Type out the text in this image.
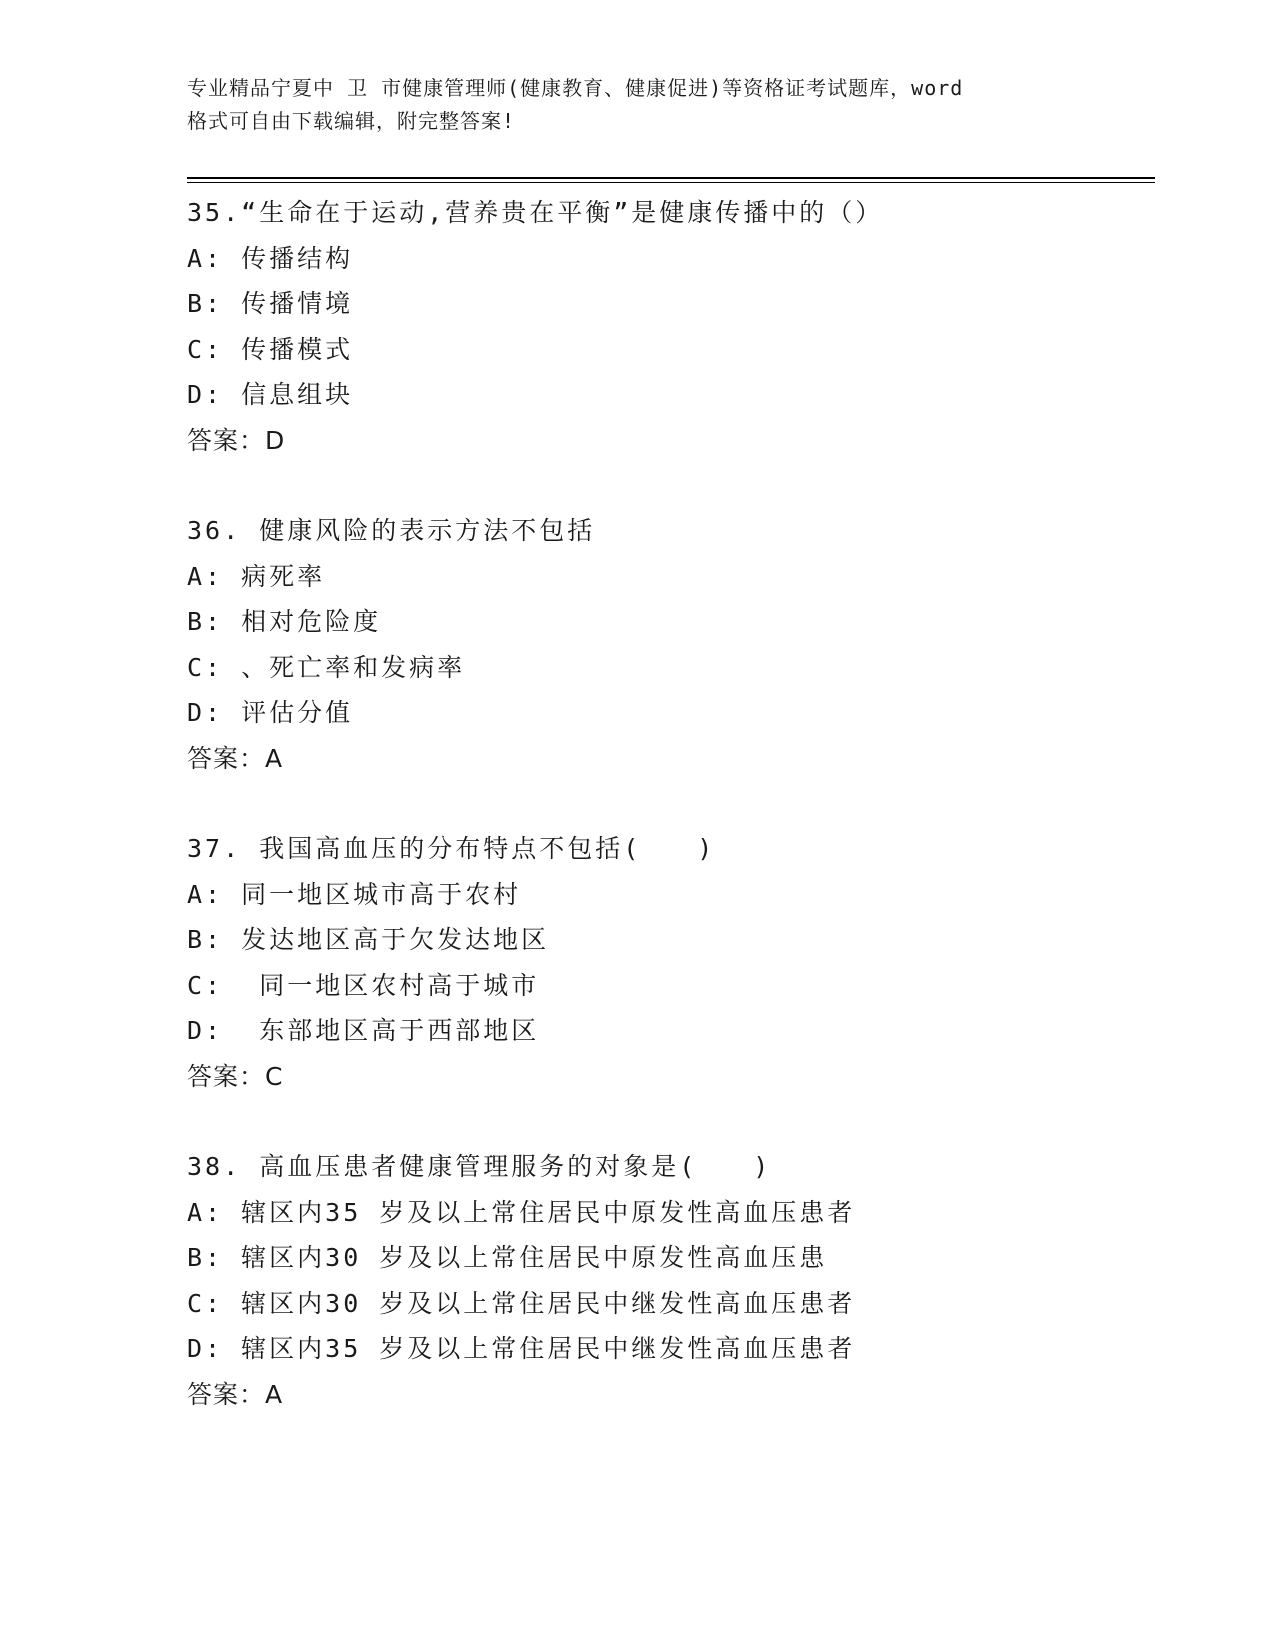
专业精品宁夏中 卫 市健康管理师(健康教育、健康促进)等资格证考试题库，word
格式可自由下载编辑，附完整答案!
35.“生命在于运动,营养贵在平衡”是健康传播中的（）
A: 传播结构
B: 传播情境
C: 传播模式
D: 信息组块
答案：D
36. 健康风险的表示方法不包括
A: 病死率
B: 相对危险度
C: 、死亡率和发病率
D: 评估分值
答案：A
37. 我国高血压的分布特点不包括(　　)
A: 同一地区城市高于农村
B: 发达地区高于欠发达地区
C:  同一地区农村高于城市
D:  东部地区高于西部地区
答案：C
38. 高血压患者健康管理服务的对象是(　　)
A: 辖区内35 岁及以上常住居民中原发性高血压患者
B: 辖区内30 岁及以上常住居民中原发性高血压患
C: 辖区内30 岁及以上常住居民中继发性高血压患者
D: 辖区内35 岁及以上常住居民中继发性高血压患者
答案：A
